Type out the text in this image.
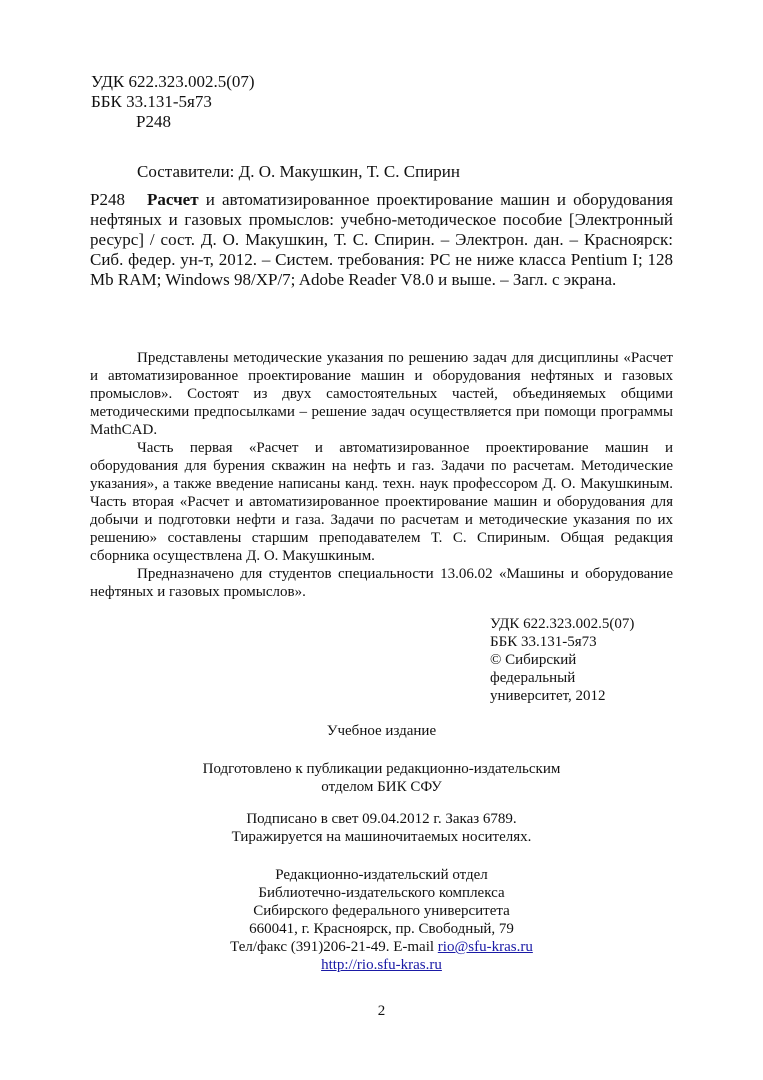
УДК 622.323.002.5(07)
ББК 33.131-5я73
Р248
Составители: Д. О. Макушкин, Т. С. Спирин
Р248	Расчет и автоматизированное проектирование машин и оборудования нефтяных и газовых промыслов: учебно-методическое пособие [Электронный ресурс] / сост. Д. О. Макушкин, Т. С. Спирин. – Электрон. дан. – Красноярск: Сиб. федер. ун-т, 2012. – Систем. требования: PC не ниже класса Pentium I; 128 Mb RAM; Windows 98/XP/7; Adobe Reader V8.0 и выше. – Загл. с экрана.

Представлены методические указания по решению задач для дисциплины «Расчет и автоматизированное проектирование машин и оборудования нефтяных и газовых промыслов». Состоят из двух самостоятельных частей, объединяемых общими методическими предпосылками – решение задач осуществляется при помощи программы MathCAD.

Часть первая «Расчет и автоматизированное проектирование машин и оборудования для бурения скважин на нефть и газ. Задачи по расчетам. Методические указания», а также введение написаны канд. техн. наук профессором Д. О. Макушкиным. Часть вторая «Расчет и автоматизированное проектирование машин и оборудования для добычи и подготовки нефти и газа. Задачи по расчетам и методические указания по их решению» составлены старшим преподавателем Т. С. Спириным. Общая редакция сборника осуществлена Д. О. Макушкиным.

Предназначено для студентов специальности 13.06.02 «Машины и оборудование нефтяных и газовых промыслов».

УДК 622.323.002.5(07)
ББК 33.131-5я73
© Сибирский
федеральный
университет, 2012
Учебное издание
Подготовлено к публикации редакционно-издательским
отделом БИК СФУ
Подписано в свет 09.04.2012 г. Заказ 6789.
Тиражируется на машиночитаемых носителях.
Редакционно-издательский отдел
Библиотечно-издательского комплекса
Сибирского федерального университета
660041, г. Красноярск, пр. Свободный, 79
Тел/факс (391)206-21-49. E-mail rio@sfu-kras.ru
http://rio.sfu-kras.ru
2
